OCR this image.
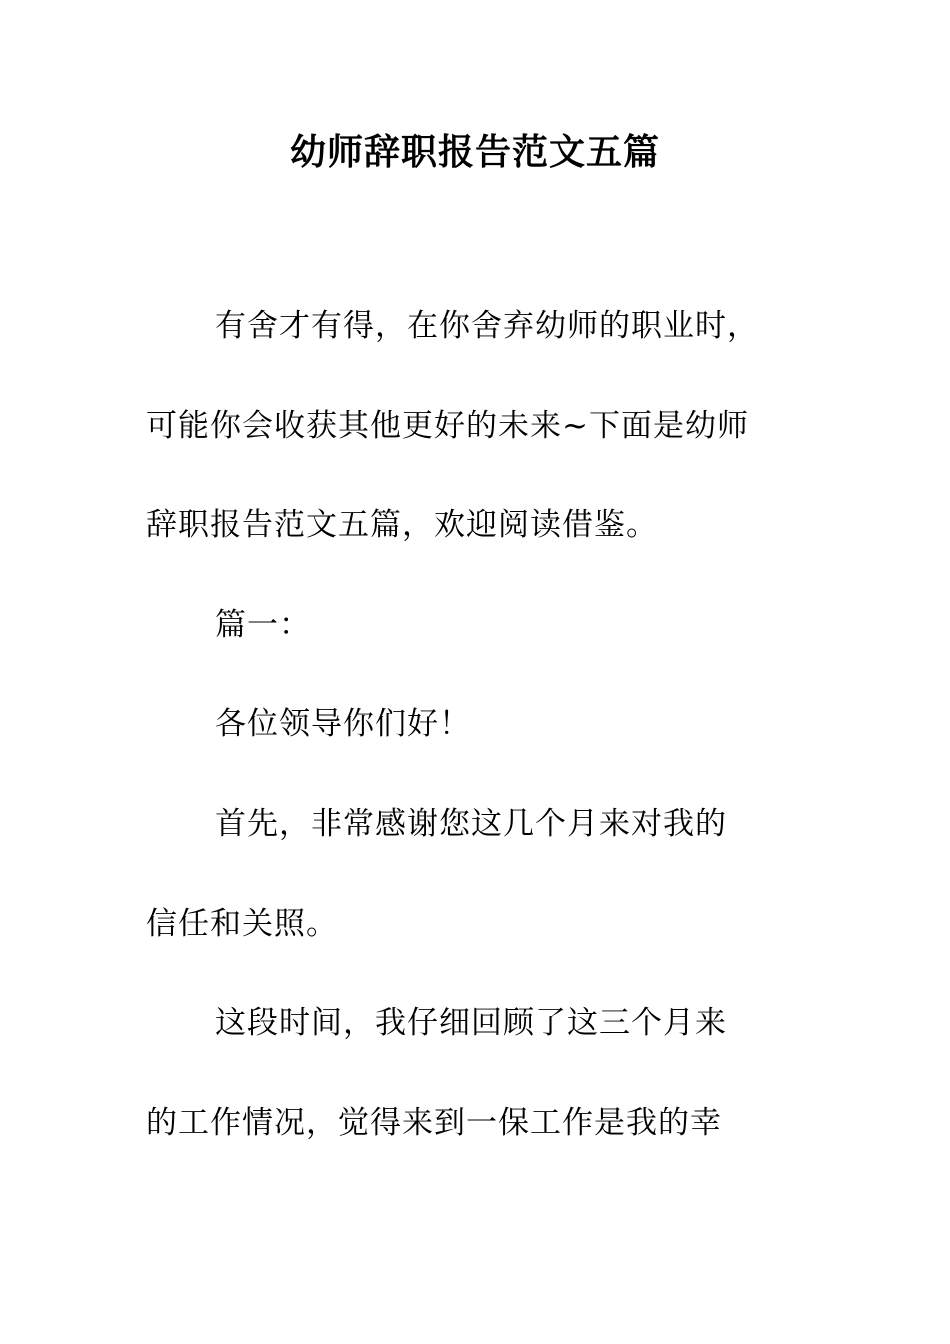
幼师辞职报告范文五篇
有舍才有得，在你舍弃幼师的职业时，
可能你会收获其他更好的未来~下面是幼师
辞职报告范文五篇，欢迎阅读借鉴。
篇一：
各位领导你们好！
首先，非常感谢您这几个月来对我的
信任和关照。
这段时间，我仔细回顾了这三个月来
的工作情况，觉得来到一保工作是我的幸
